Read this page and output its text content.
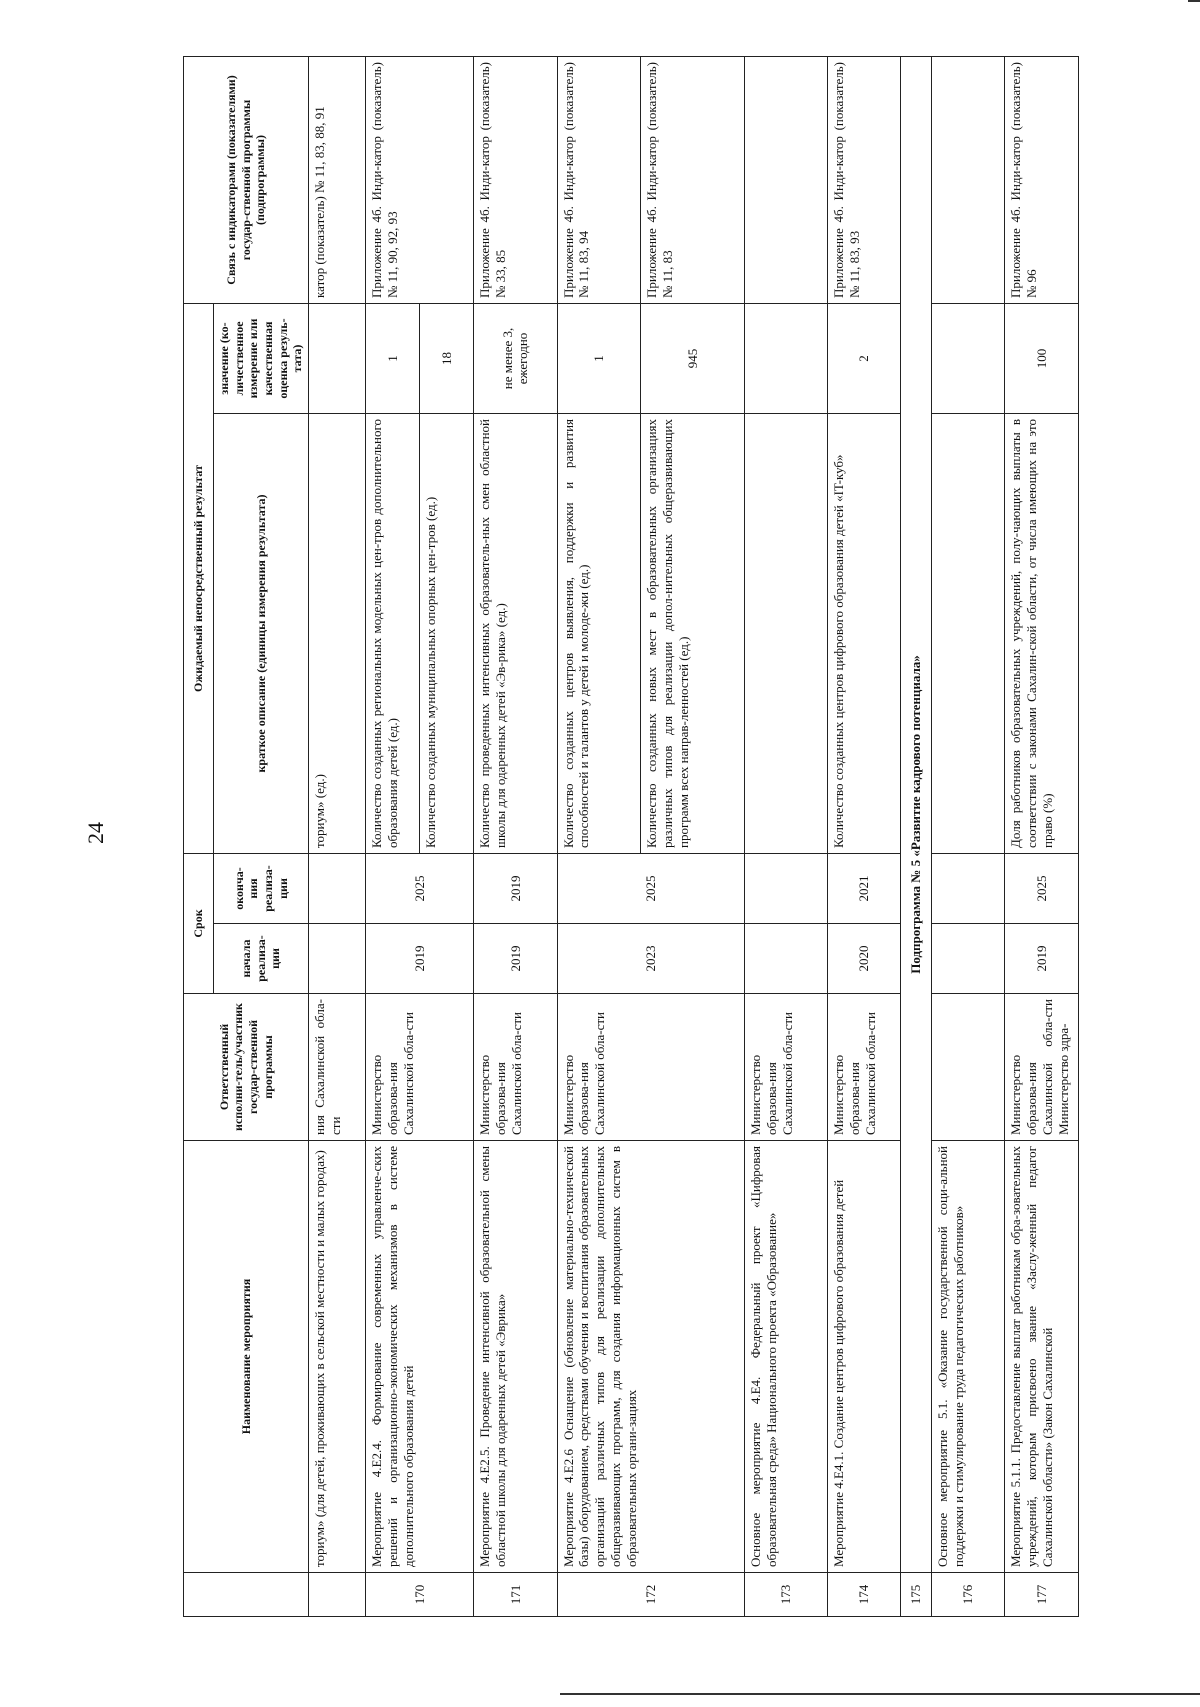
24
	Наименование мероприятия	Ответственный исполни-тель/участник государ-ственной программы	Срок		Ожидаемый непосредственный результат		Связь с индикаторами (показателями) государ-ственной программы (подпрограммы)
			начала реализа-ции	оконча-ния реализа-ции	краткое описание (единицы измерения результата)	значение (ко-личественное измерение или качественная оценка резуль-тата)	

	ториум» (для детей, проживающих в сельской местности и малых городах)	ния Сахалинской обла-сти			ториум» (ед.)		катор (показатель) № 11, 83, 88, 91
170	Мероприятие 4.Е2.4. Формирование современных управленче-ских решений и организационно-экономических механизмов в системе дополнительного образования детей	Министерство образова-ния Сахалинской обла-сти	2019	2025	Количество созданных региональных модельных цен-тров дополнительного образования детей (ед.)	1	Приложение 4б. Инди-катор (показатель) № 11, 90, 92, 93
					Количество созданных муниципальных опорных цен-тров (ед.)	18	
171	Мероприятие 4.Е2.5. Проведение интенсивной образовательной смены областной школы для одаренных детей «Эврика»	Министерство образова-ния Сахалинской обла-сти	2019	2019	Количество проведенных интенсивных образователь-ных смен областной школы для одаренных детей «Эв-рика» (ед.)	не менее 3, ежегодно	Приложение 4б. Инди-катор (показатель) № 33, 85
172	Мероприятие 4.Е2.6 Оснащение (обновление материально-технической базы) оборудованием, средствами обучения и воспитания образовательных организаций различных типов для реализации дополнительных общеразвивающих программ, для создания информационных систем в образовательных органи-зациях	Министерство образова-ния Сахалинской обла-сти	2023	2025	Количество созданных центров выявления, поддержки и развития способностей и талантов у детей и молоде-жи (ед.)	1	Приложение 4б. Инди-катор (показатель) № 11, 83, 94
					Количество созданных новых мест в образовательных организациях различных типов для реализации допол-нительных общеразвивающих программ всех направ-ленностей (ед.)	945	Приложение 4б. Инди-катор (показатель) № 11, 83
173	Основное мероприятие 4.Е4. Федеральный проект «Цифровая образовательная среда» Национального проекта «Образование»	Министерство образова-ния Сахалинской обла-сти					
174	Мероприятие 4.Е4.1. Создание центров цифрового образования детей	Министерство образова-ния Сахалинской обла-сти	2020	2021	Количество созданных центров цифрового образования детей «IT-куб»	2	Приложение 4б. Инди-катор (показатель) № 11, 83, 93
175	Подпрограмма № 5 «Развитие кадрового потенциала»						
176	Основное мероприятие 5.1. «Оказание государственной соци-альной поддержки и стимулирование труда педагогических работников»						
177	Мероприятие 5.1.1. Предоставление выплат работникам обра-зовательных учреждений, которым присвоено звание «Заслу-женный педагог Сахалинской области» (Закон Сахалинской	Министерство образова-ния Сахалинской обла-сти Министерство здра-	2019	2025	Доля работников образовательных учреждений, полу-чающих выплаты в соответствии с законами Сахалин-ской области, от числа имеющих на это право (%)	100	Приложение 4б. Инди-катор (показатель) № 96
